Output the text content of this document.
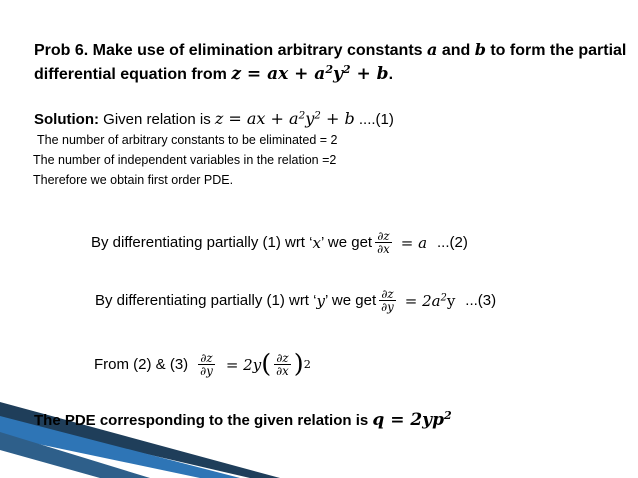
Prob 6. Make use of elimination arbitrary constants a and b to form the partial
differential equation from z = ax + $a^2y^2 + b$.
Solution: Given relation is z = ax + $a^2y^2 + b$ ....(1)
The number of arbitrary constants to be eliminated = 2
The number of independent variables in the relation =2
Therefore we obtain first order PDE.
By differentiating partially (1) wrt ‘ x ’ we get $\frac{\partial z}{\partial x} = a$ ...(2)
By differentiating partially (1) wrt ‘ y ’ we get $\frac{\partial z}{\partial y} = 2a^2$ y ...(3)
From (2) & $(3) \frac{\partial z}{\partial y} = 2y$ ( $\frac{\partial z}{\partial x}$ ) 2
The PDE corresponding to the given relation is $q = 2yp^2$
